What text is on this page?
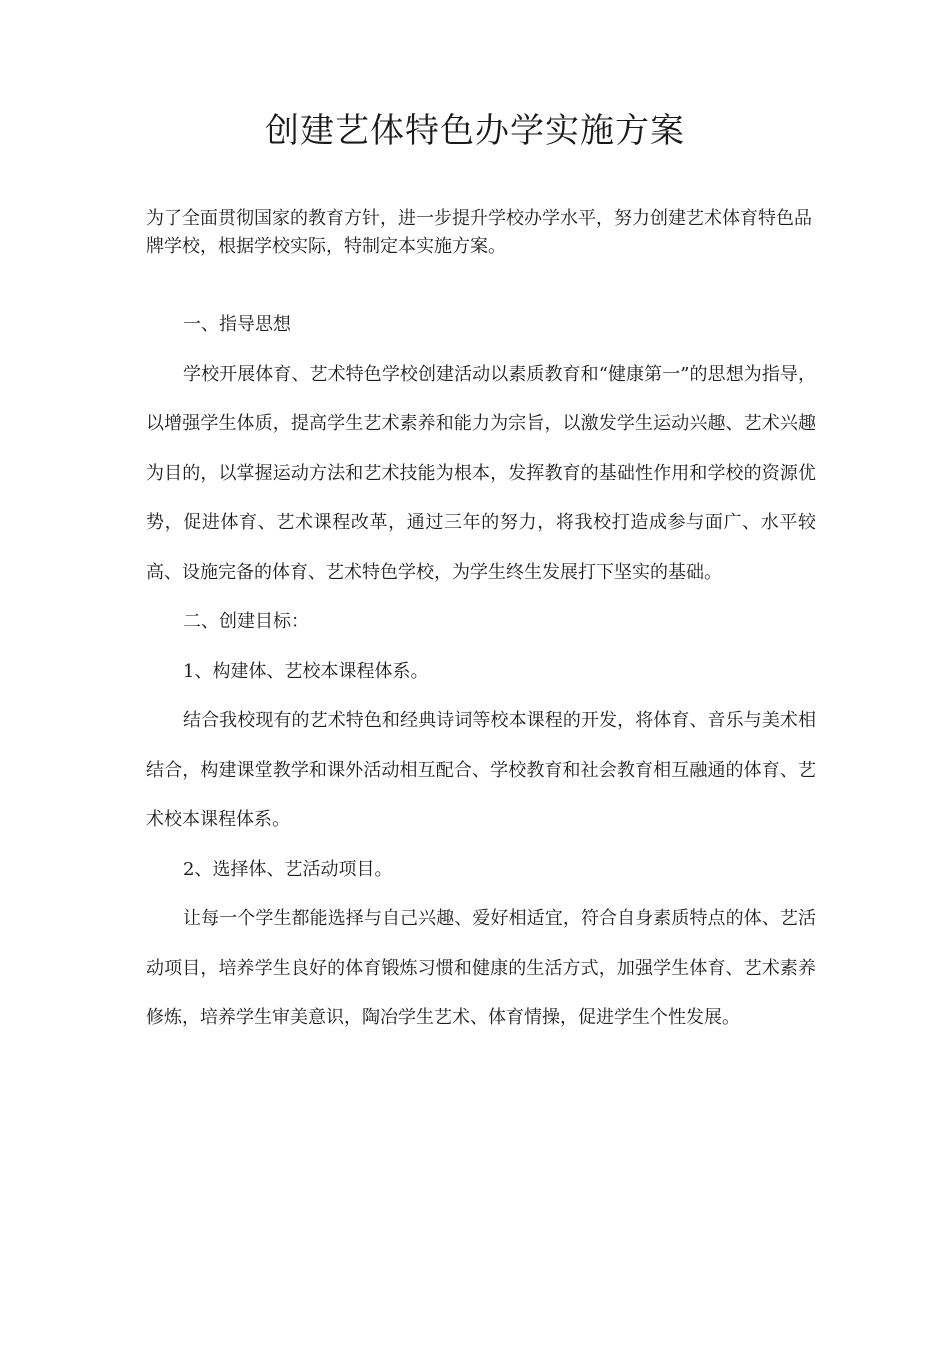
创建艺体特色办学实施方案

为了全面贯彻国家的教育方针，进一步提升学校办学水平，努力创建艺术体育特色品牌学校，根据学校实际，特制定本实施方案。

一、指导思想

学校开展体育、艺术特色学校创建活动以素质教育和“健康第一”的思想为指导，以增强学生体质，提高学生艺术素养和能力为宗旨，以激发学生运动兴趣、艺术兴趣为目的，以掌握运动方法和艺术技能为根本，发挥教育的基础性作用和学校的资源优势，促进体育、艺术课程改革，通过三年的努力，将我校打造成参与面广、水平较高、设施完备的体育、艺术特色学校，为学生终生发展打下坚实的基础。

二、创建目标：

1、构建体、艺校本课程体系。

结合我校现有的艺术特色和经典诗词等校本课程的开发，将体育、音乐与美术相结合，构建课堂教学和课外活动相互配合、学校教育和社会教育相互融通的体育、艺术校本课程体系。

2、选择体、艺活动项目。

让每一个学生都能选择与自己兴趣、爱好相适宜，符合自身素质特点的体、艺活动项目，培养学生良好的体育锻炼习惯和健康的生活方式，加强学生体育、艺术素养修炼，培养学生审美意识，陶冶学生艺术、体育情操，促进学生个性发展。
